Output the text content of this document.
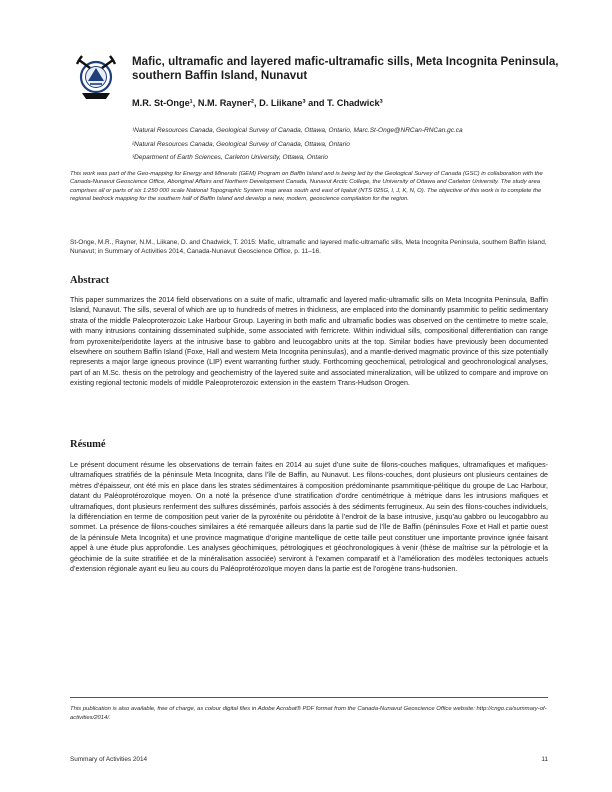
Mafic, ultramafic and layered mafic-ultramafic sills, Meta Incognita Peninsula, southern Baffin Island, Nunavut
M.R. St-Onge¹, N.M. Rayner², D. Liikane³ and T. Chadwick³
¹Natural Resources Canada, Geological Survey of Canada, Ottawa, Ontario, Marc.St-Onge@NRCan-RNCan.gc.ca
²Natural Resources Canada, Geological Survey of Canada, Ottawa, Ontario
³Department of Earth Sciences, Carleton University, Ottawa, Ontario
This work was part of the Geo-mapping for Energy and Minerals (GEM) Program on Baffin Island and is being led by the Geological Survey of Canada (GSC) in collaboration with the Canada-Nunavut Geoscience Office, Aboriginal Affairs and Northern Development Canada, Nunavut Arctic College, the University of Ottawa and Carleton University. The study area comprises all or parts of six 1:250 000 scale National Topographic System map areas south and east of Iqaluit (NTS 025G, I, J, K, N, O). The objective of this work is to complete the regional bedrock mapping for the southern half of Baffin Island and develop a new, modern, geoscience compilation for the region.
St-Onge, M.R., Rayner, N.M., Liikane, D. and Chadwick, T. 2015: Mafic, ultramafic and layered mafic-ultramafic sills, Meta Incognita Peninsula, southern Baffin Island, Nunavut; in Summary of Activities 2014, Canada-Nunavut Geoscience Office, p. 11–16.
Abstract
This paper summarizes the 2014 field observations on a suite of mafic, ultramafic and layered mafic-ultramafic sills on Meta Incognita Peninsula, Baffin Island, Nunavut. The sills, several of which are up to hundreds of metres in thickness, are emplaced into the dominantly psammitic to pelitic sedimentary strata of the middle Paleoproterozoic Lake Harbour Group. Layering in both mafic and ultramafic bodies was observed on the centimetre to metre scale, with many intrusions containing disseminated sulphide, some associated with ferricrete. Within individual sills, compositional differentiation can range from pyroxenite/peridotite layers at the intrusive base to gabbro and leucogabbro units at the top. Similar bodies have previously been documented elsewhere on southern Baffin Island (Foxe, Hall and western Meta Incognita peninsulas), and a mantle-derived magmatic province of this size potentially represents a major large igneous province (LIP) event warranting further study. Forthcoming geochemical, petrological and geochronological analyses, part of an M.Sc. thesis on the petrology and geochemistry of the layered suite and associated mineralization, will be utilized to compare and improve on existing regional tectonic models of middle Paleoproterozoic extension in the eastern Trans-Hudson Orogen.
Résumé
Le présent document résume les observations de terrain faites en 2014 au sujet d’une suite de filons-couches mafiques, ultramafiques et mafiques-ultramafiques stratifiés de la péninsule Meta Incognita, dans l’île de Baffin, au Nunavut. Les filons-couches, dont plusieurs ont plusieurs centaines de mètres d’épaisseur, ont été mis en place dans les strates sédimentaires à composition prédominante psammitique-pélitique du groupe de Lac Harbour, datant du Paléoprotérozoïque moyen. On a noté la présence d’une stratification d’ordre centimétrique à métrique dans les intrusions mafiques et ultramafiques, dont plusieurs renferment des sulfures disséminés, parfois associés à des sédiments ferrugineux. Au sein des filons-couches individuels, la différenciation en terme de composition peut varier de la pyroxénite ou péridotite à l’endroit de la base intrusive, jusqu’au gabbro ou leucogabbro au sommet. La présence de filons-couches similaires a été remarquée ailleurs dans la partie sud de l’île de Baffin (péninsules Foxe et Hall et partie ouest de la péninsule Meta Incognita) et une province magmatique d’origine mantellique de cette taille peut constituer une importante province ignée faisant appel à une étude plus approfondie. Les analyses géochimiques, pétrologiques et géochronologiques à venir (thèse de maîtrise sur la pétrologie et la géochimie de la suite stratifiée et de la minéralisation associée) serviront à l’examen comparatif et à l’amélioration des modèles tectoniques actuels d’extension régionale ayant eu lieu au cours du Paléoprotérozoïque moyen dans la partie est de l’orogène trans-hudsonien.
This publication is also available, free of charge, as colour digital files in Adobe Acrobat® PDF format from the Canada-Nunavut Geoscience Office website: http://cngo.ca/summary-of-activities/2014/.
Summary of Activities 2014	11
